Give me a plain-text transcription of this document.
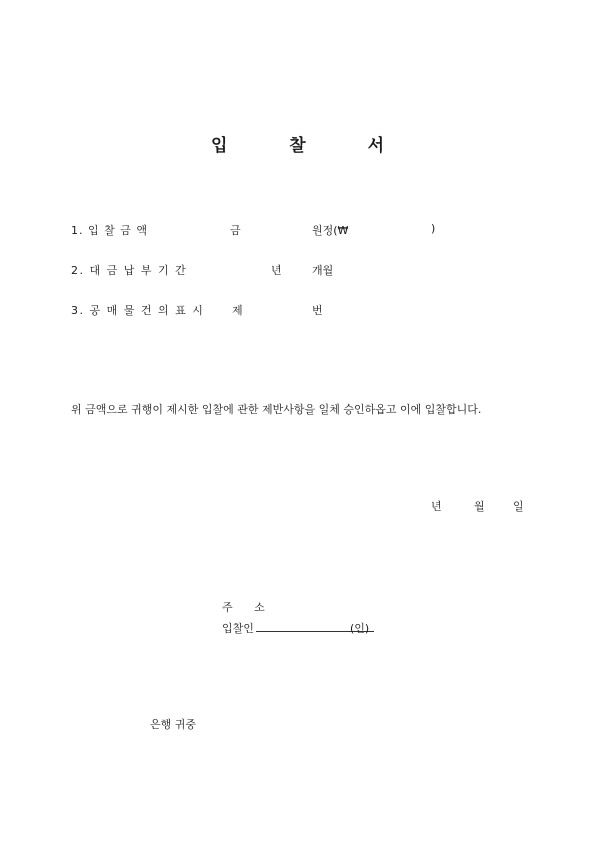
입 찰 서
1. 입 찰 금 액	금	원정(₩	)
2. 대 금 납 부 기 간	년	개월
3. 공 매 물 건 의 표 시	제	번
위 금액으로 귀행이 제시한 입찰에 관한 제반사항을 일체 승인하옵고 이에 입찰합니다.
년	월	일
주 소
입찰인	(인)
은행 귀중
